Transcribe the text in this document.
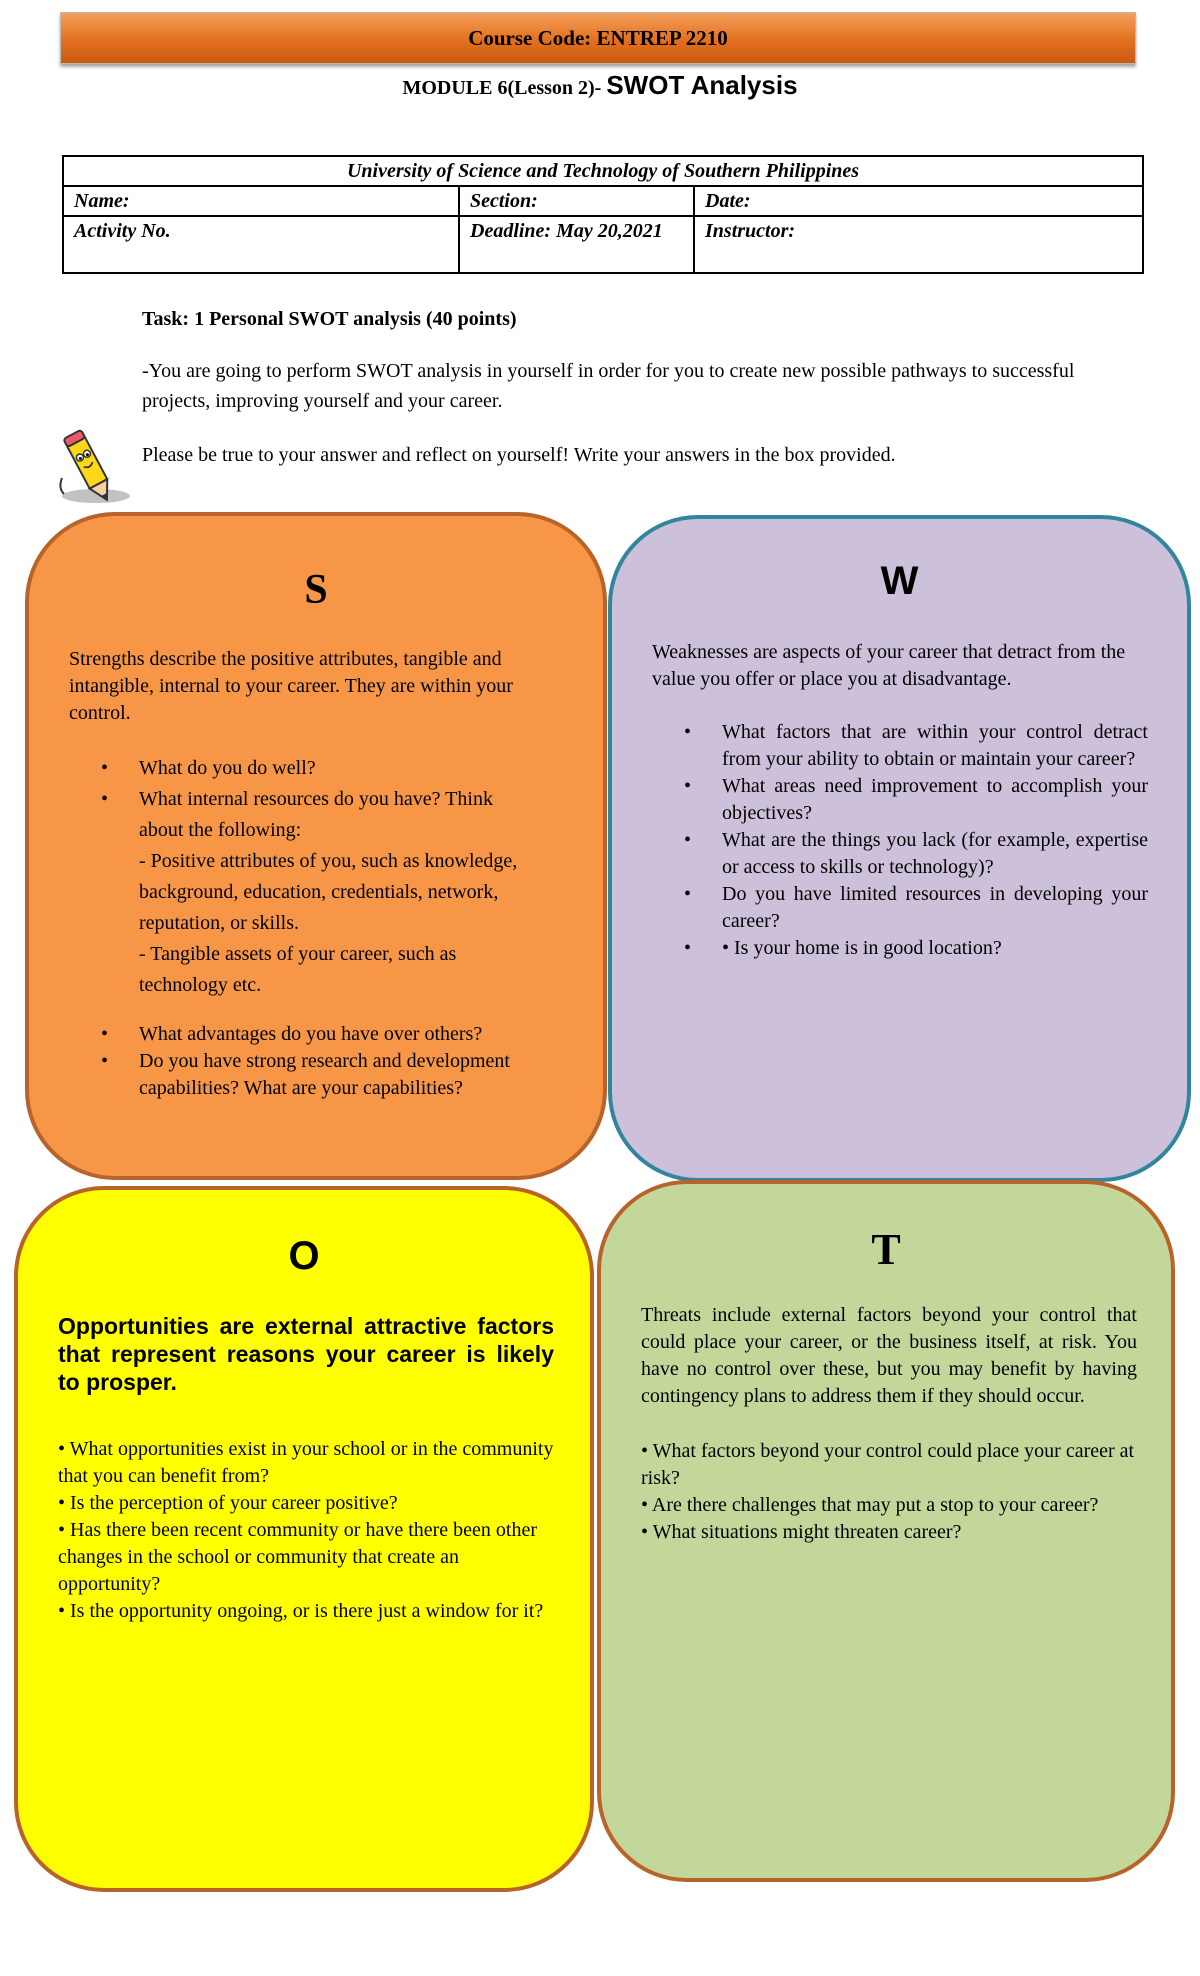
Course Code: ENTREP 2210
MODULE 6(Lesson 2)- SWOT Analysis
University of Science and Technology of Southern Philippines		
Name:	Section:	Date:
Activity No.	Deadline: May 20,2021	Instructor:
Task: 1 Personal SWOT analysis (40 points)
-You are going to perform SWOT analysis in yourself in order for you to create new possible pathways to successful projects, improving yourself and your career.
Please be true to your answer and reflect on yourself! Write your answers in the box provided.
S
Strengths describe the positive attributes, tangible and intangible, internal to your career. They are within your control.
• What do you do well?
• What internal resources do you have? Think about the following:
- Positive attributes of you, such as knowledge, background, education, credentials, network, reputation, or skills.
- Tangible assets of your career, such as technology etc.
• What advantages do you have over others?
• Do you have strong research and development capabilities? What are your capabilities?
W
Weaknesses are aspects of your career that detract from the value you offer or place you at disadvantage.
• What factors that are within your control detract from your ability to obtain or maintain your career?
• What areas need improvement to accomplish your objectives?
• What are the things you lack (for example, expertise or access to skills or technology)?
• Do you have limited resources in developing your career?
• • Is your home is in good location?
O
Opportunities are external attractive factors that represent reasons your career is likely to prosper.
• What opportunities exist in your school or in the community that you can benefit from?
• Is the perception of your career positive?
• Has there been recent community or have there been other changes in the school or community that create an opportunity?
• Is the opportunity ongoing, or is there just a window for it?
T
Threats include external factors beyond your control that could place your career, or the business itself, at risk. You have no control over these, but you may benefit by having contingency plans to address them if they should occur.
• What factors beyond your control could place your career at risk?
• Are there challenges that may put a stop to your career?
• What situations might threaten career?
